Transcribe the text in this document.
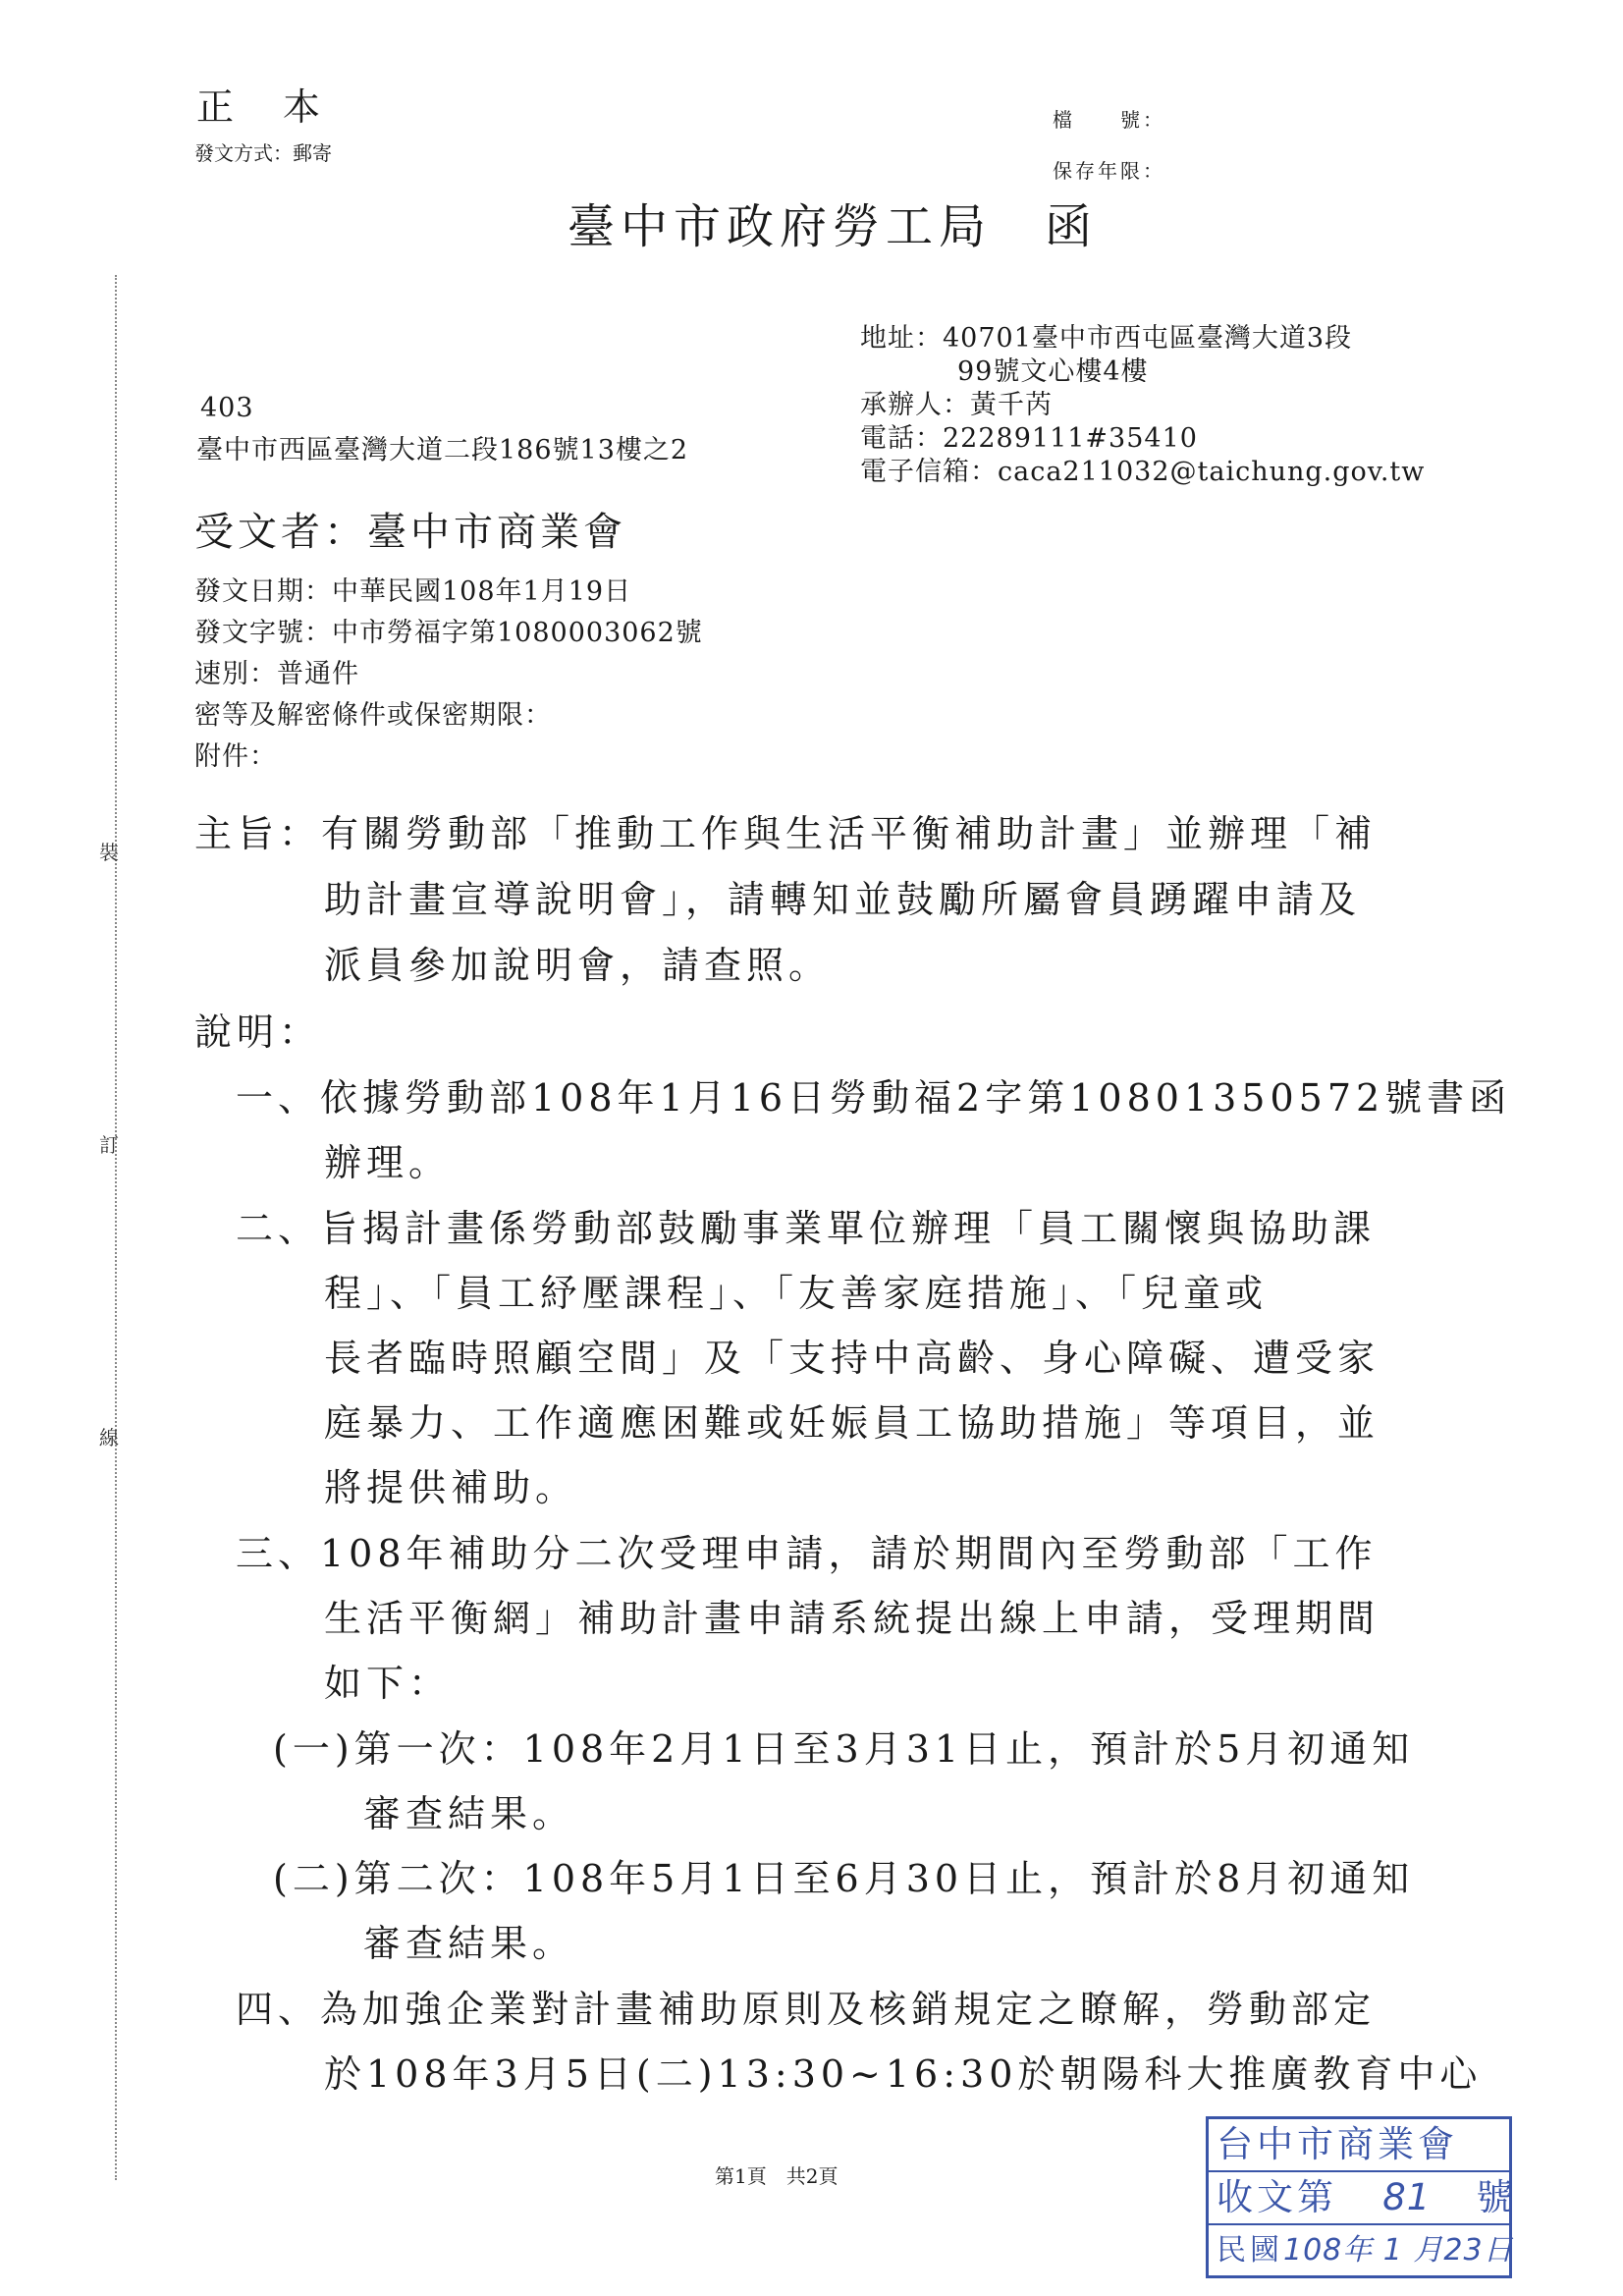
正　本
發文方式：郵寄
檔　　號：
保存年限：
臺中市政府勞工局　函
地址：40701臺中市西屯區臺灣大道3段
99號文心樓4樓
承辦人：黃千芮
電話：22289111#35410
電子信箱：caca211032@taichung.gov.tw
403
臺中市西區臺灣大道二段186號13樓之2
受文者：臺中市商業會
發文日期：中華民國108年1月19日
發文字號：中市勞福字第1080003062號
速別：普通件
密等及解密條件或保密期限：
附件：
主旨：有關勞動部「推動工作與生活平衡補助計畫」並辦理「補
助計畫宣導說明會」，請轉知並鼓勵所屬會員踴躍申請及
派員參加說明會，請查照。
說明：
一、依據勞動部108年1月16日勞動福2字第10801350572號書函
辦理。
二、旨揭計畫係勞動部鼓勵事業單位辦理「員工關懷與協助課
程」、「員工紓壓課程」、「友善家庭措施」、「兒童或
長者臨時照顧空間」及「支持中高齡、身心障礙、遭受家
庭暴力、工作適應困難或妊娠員工協助措施」等項目，並
將提供補助。
三、108年補助分二次受理申請，請於期間內至勞動部「工作
生活平衡網」補助計畫申請系統提出線上申請，受理期間
如下：
(一)第一次：108年2月1日至3月31日止，預計於5月初通知
審查結果。
(二)第二次：108年5月1日至6月30日止，預計於8月初通知
審查結果。
四、為加強企業對計畫補助原則及核銷規定之瞭解，勞動部定
於108年3月5日(二)13:30~16:30於朝陽科大推廣教育中心
裝
訂
線
第1頁　共2頁
台中市商業會
收文第 81 號
民國108年 1 月23日
